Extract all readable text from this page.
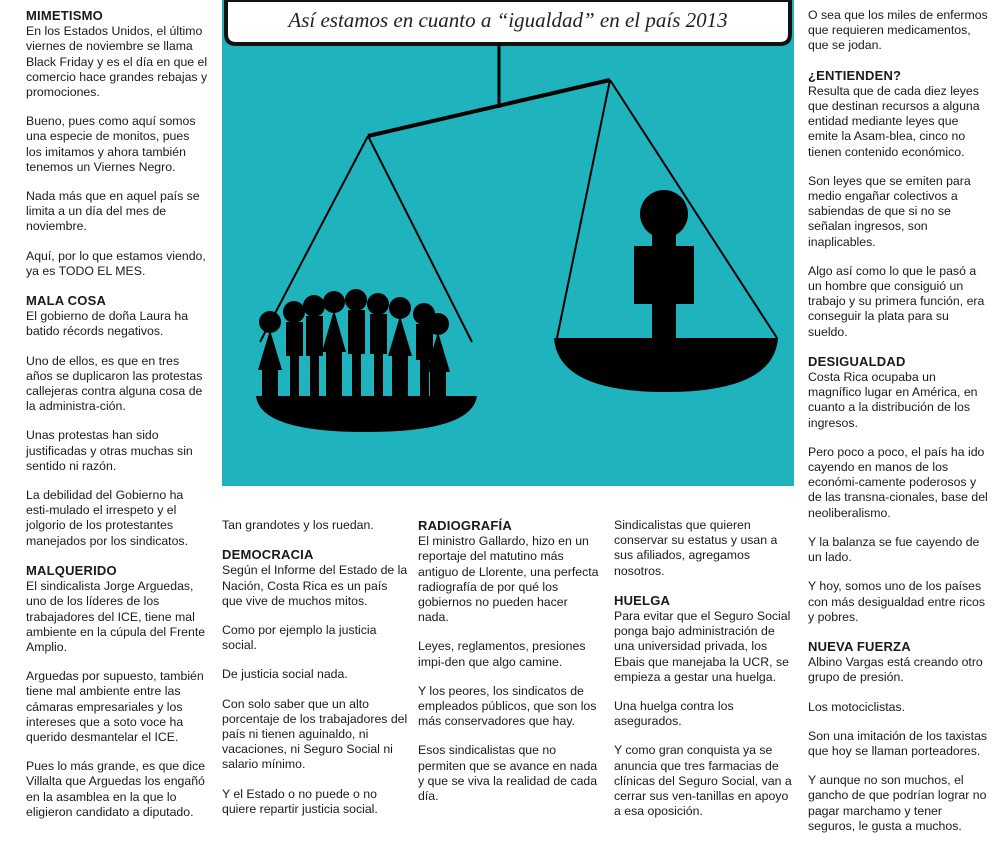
MIMETISMO

En los Estados Unidos, el último viernes de noviembre se llama Black Friday y es el día en que el comercio hace grandes rebajas y promociones.

Bueno, pues como aquí somos una especie de monitos, pues los imitamos y ahora también tenemos un Viernes Negro.

Nada más que en aquel país se limita a un día del mes de noviembre.

Aquí, por lo que estamos viendo, ya es TODO EL MES.

MALA COSA

El gobierno de doña Laura ha batido récords negativos.

Uno de ellos, es que en tres años se duplicaron las protestas callejeras contra alguna cosa de la administra-ción.

Unas protestas han sido justificadas y otras muchas sin sentido ni razón.

La debilidad del Gobierno ha esti-mulado el irrespeto y el jolgorio de los protestantes manejados por los sindicatos.

MALQUERIDO

El sindicalista Jorge Arguedas, uno de los líderes de los trabajadores del ICE, tiene mal ambiente en la cúpula del Frente Amplio.

Arguedas por supuesto, también tiene mal ambiente entre las cámaras empresariales y los intereses que a soto voce ha querido desmantelar el ICE.

Pues lo más grande, es que dice Villalta que Arguedas los engañó en la asamblea en la que lo eligieron candidato a diputado.

Así estamos en cuanto a “igualdad” en el país 2013

Tan grandotes y los ruedan.

DEMOCRACIA

Según el Informe del Estado de la Nación, Costa Rica es un país que vive de muchos mitos.

Como por ejemplo la justicia social.

De justicia social nada.

Con solo saber que un alto porcentaje de los trabajadores del país ni tienen aguinaldo, ni vacaciones, ni Seguro Social ni salario mínimo.

Y el Estado o no puede o no quiere repartir justicia social.

RADIOGRAFÍA

El ministro Gallardo, hizo en un reportaje del matutino más antiguo de Llorente, una perfecta radiografía de por qué los gobiernos no pueden hacer nada.

Leyes, reglamentos, presiones impi-den que algo camine.

Y los peores, los sindicatos de empleados públicos, que son los más conservadores que hay.

Esos sindicalistas que no permiten que se avance en nada y que se viva la realidad de cada día.

Sindicalistas que quieren conservar su estatus y usan a sus afiliados, agregamos nosotros.

HUELGA

Para evitar que el Seguro Social ponga bajo administración de una universidad privada, los Ebais que manejaba la UCR, se empieza a gestar una huelga.

Una huelga contra los asegurados.

Y como gran conquista ya se anuncia que tres farmacias de clínicas del Seguro Social, van a cerrar sus ven-tanillas en apoyo a esa oposición.

O sea que los miles de enfermos que requieren medicamentos, que se jodan.

¿ENTIENDEN?

Resulta que de cada diez leyes que destinan recursos a alguna entidad mediante leyes que emite la Asam-blea, cinco no tienen contenido económico.

Son leyes que se emiten para medio engañar colectivos a sabiendas de que si no se señalan ingresos, son inaplicables.

Algo así como lo que le pasó a un hombre que consiguió un trabajo y su primera función, era conseguir la plata para su sueldo.

DESIGUALDAD

Costa Rica ocupaba un magnífico lugar en América, en cuanto a la distribución de los ingresos.

Pero poco a poco, el país ha ido cayendo en manos de los económi-camente poderosos y de las transna-cionales, base del neoliberalismo.

Y la balanza se fue cayendo de un lado.

Y hoy, somos uno de los países con más desigualdad entre ricos y pobres.

NUEVA FUERZA

Albino Vargas está creando otro grupo de presión.

Los motociclistas.

Son una imitación de los taxistas que hoy se llaman porteadores.

Y aunque no son muchos, el gancho de que podrían lograr no pagar marchamo y tener seguros, le gusta a muchos.
